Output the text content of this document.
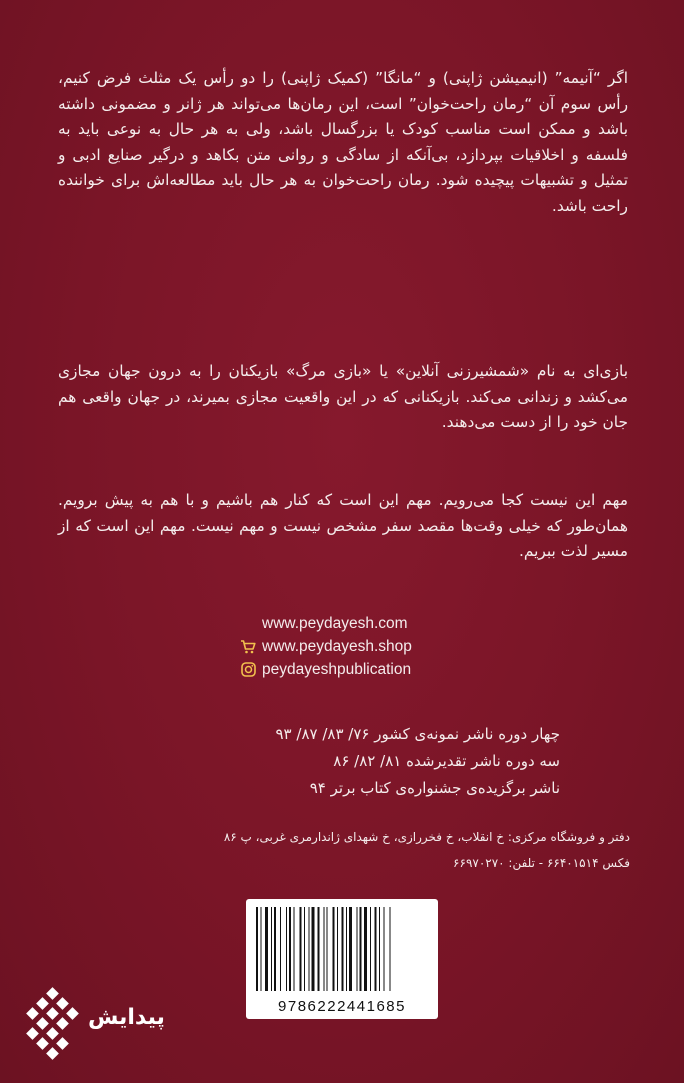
اگر “آنیمه” (انیمیشن ژاپنی) و “مانگا” (کمیک ژاپنی) را دو رأس یک مثلث فرض کنیم، رأس سوم آن “رمان راحت‌خوان” است، این رمان‌ها می‌تواند هر ژانر و مضمونی داشته باشد و ممکن است مناسب کودک یا بزرگسال باشد، ولی به هر حال به نوعی باید به فلسفه و اخلاقیات بپردازد، بی‌آنکه از سادگی و روانی متن بکاهد و درگیر صنایع ادبی و تمثیل و تشبیهات پیچیده شود. رمان راحت‌خوان به هر حال باید مطالعه‌اش برای خواننده راحت باشد.

بازی‌ای به نام «شمشیرزنی آنلاین» یا «بازی مرگ» بازیکنان را به درون جهان مجازی می‌کشد و زندانی می‌کند. بازیکنانی که در این واقعیت مجازی بمیرند، در جهان واقعی هم جان خود را از دست می‌دهند.

مهم این نیست کجا می‌رویم. مهم این است که کنار هم باشیم و با هم به پیش برویم. همان‌طور که خیلی وقت‌ها مقصد سفر مشخص نیست و مهم نیست. مهم این است که از مسیر لذت ببریم.

www.peydayesh.com
www.peydayesh.shop
peydayeshpublication
چهار دوره ناشر نمونه‌ی کشور ۷۶/ ۸۳/ ۸۷/ ۹۳
سه دوره ناشر تقدیرشده ۸۱/ ۸۲/ ۸۶
ناشر برگزیده‌ی جشنواره‌ی کتاب برتر ۹۴
دفتر و فروشگاه مرکزی: خ انقلاب، خ فخررازی، خ شهدای ژاندارمری غربی، پ ۸۶
فکس ۶۶۴۰۱۵۱۴ - تلفن: ۶۶۹۷۰۲۷۰
9786222441685
پیدایش
